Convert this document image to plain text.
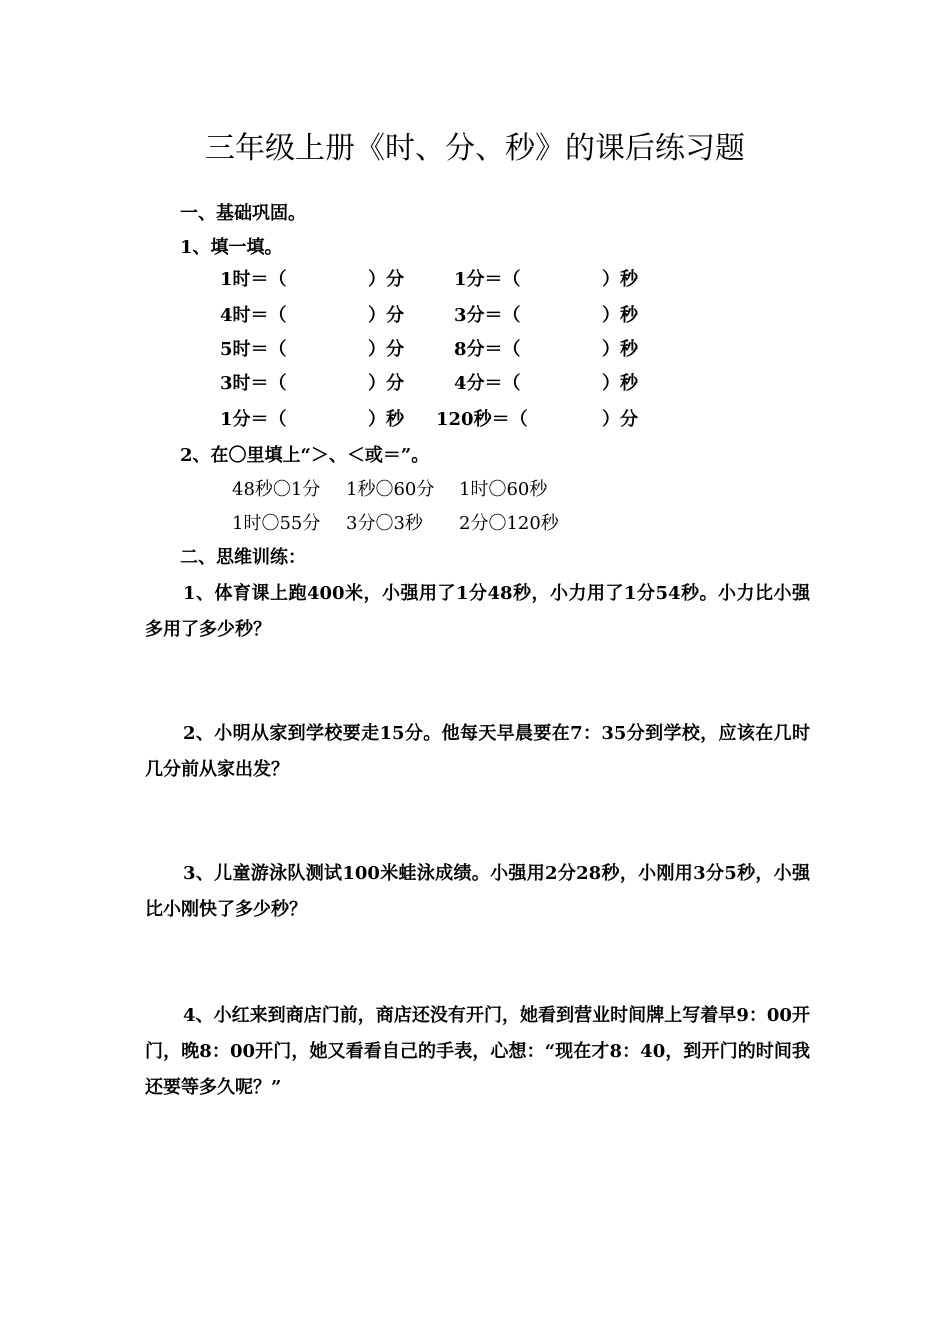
三年级上册《时、分、秒》的课后练习题
一、基础巩固。
1、填一填。
1时＝（	）分	1分＝（	）秒
4时＝（	）分	3分＝（	）秒
5时＝（	）分	8分＝（	）秒
3时＝（	）分	4分＝（	）秒
1分＝（	）秒 120秒＝（	）分
2、在〇里填上“＞、＜或＝”。
48秒〇1分 1秒〇60分 1时〇60秒
1时〇55分 3分〇3秒 2分〇120秒
二、思维训练：
1、体育课上跑400米，小强用了1分48秒，小力用了1分54秒。小力比小强多用了多少秒？
2、小明从家到学校要走15分。他每天早晨要在7：35分到学校，应该在几时几分前从家出发？
3、儿童游泳队测试100米蛙泳成绩。小强用2分28秒，小刚用3分5秒，小强比小刚快了多少秒？
4、小红来到商店门前，商店还没有开门，她看到营业时间牌上写着早9：00开门，晚8：00开门，她又看看自己的手表，心想：“现在才8：40，到开门的时间我还要等多久呢？”
